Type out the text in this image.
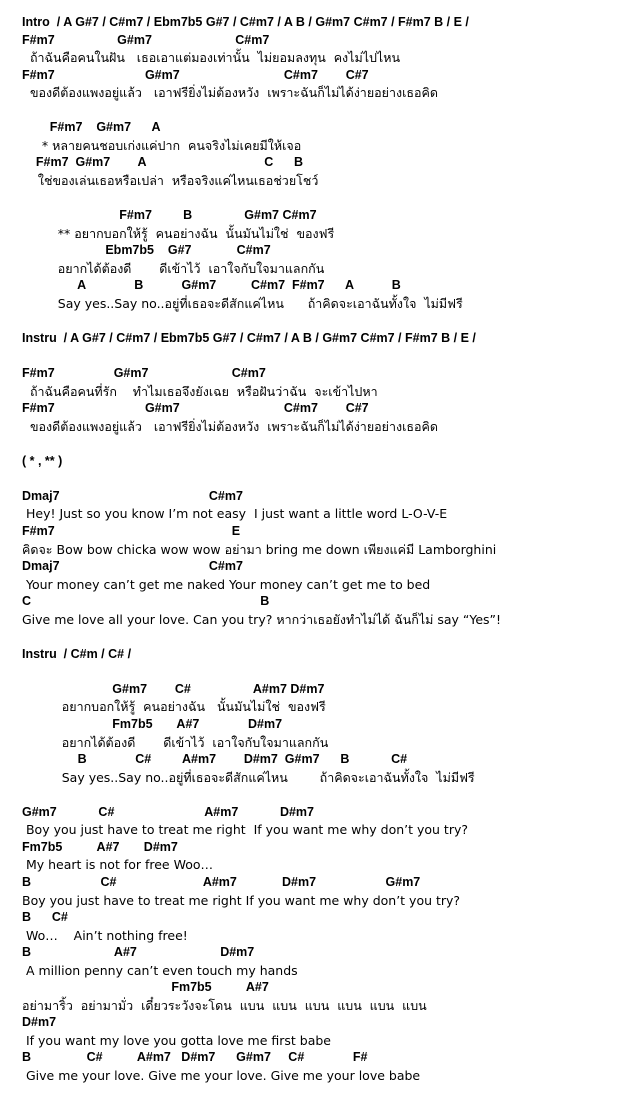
Intro  / A G#7 / C#m7 / Ebm7b5 G#7 / C#m7 / A B / G#m7 C#m7 / F#m7 B / E /
F#m7                  G#m7                        C#m7
ถ้าฉันคือคนในฝัน   เธอเอาแต่มองเท่านั้น  ไม่ยอมลงทุน  คงไม่ไปไหน
F#m7                          G#m7                              C#m7        C#7
ของดีต้องแพงอยู่แล้ว   เอาฟรียิ่งไม่ต้องหวัง  เพราะฉันก็ไม่ได้ง่ายอย่างเธอคิด
F#m7    G#m7      A
* หลายคนชอบเก่งแค่ปาก  คนจริงไม่เคยมีให้เจอ
F#m7  G#m7        A                                  C      B
ใช่ของเล่นเธอหรือเปล่า  หรือจริงแค่ไหนเธอช่วยโชว์
F#m7         B               G#m7 C#m7
** อยากบอกให้รู้  คนอย่างฉัน  นั้นมันไม่ใช่  ของฟรี
Ebm7b5    G#7             C#m7
อยากได้ต้องดี       ดีเข้าไว้  เอาใจกับใจมาแลกกัน
A              B           G#m7          C#m7  F#m7      A           B
Say yes..Say no..อยู่ที่เธอจะดีสักแค่ไหน      ถ้าคิดจะเอาฉันทั้งใจ  ไม่มีฟรี
Instru  / A G#7 / C#m7 / Ebm7b5 G#7 / C#m7 / A B / G#m7 C#m7 / F#m7 B / E /
F#m7                 G#m7                        C#m7
ถ้าฉันคือคนที่รัก    ทำไมเธอจึงยังเฉย  หรือฝันว่าฉัน  จะเข้าไปหา
F#m7                          G#m7                              C#m7        C#7
ของดีต้องแพงอยู่แล้ว   เอาฟรียิ่งไม่ต้องหวัง  เพราะฉันก็ไม่ได้ง่ายอย่างเธอคิด
( * , ** )
Dmaj7                                           C#m7
Hey! Just so you know I’m not easy  I just want a little word L-O-V-E
F#m7                                                   E
คิดจะ Bow bow chicka wow wow อย่ามา bring me down เพียงแค่มี Lamborghini
Dmaj7                                           C#m7
Your money can’t get me naked Your money can’t get me to bed
C                                                                  B
Give me love all your love. Can you try? หากว่าเธอยังทำไม่ได้ ฉันก็ไม่ say “Yes”!
Instru  / C#m / C# /
G#m7        C#                  A#m7 D#m7
อยากบอกให้รู้  คนอย่างฉัน   นั้นมันไม่ใช่  ของฟรี
Fm7b5       A#7              D#m7
อยากได้ต้องดี       ดีเข้าไว้  เอาใจกับใจมาแลกกัน
B              C#         A#m7        D#m7  G#m7      B            C#
Say yes..Say no..อยู่ที่เธอจะดีสักแค่ไหน        ถ้าคิดจะเอาฉันทั้งใจ  ไม่มีฟรี
G#m7            C#                          A#m7            D#m7
Boy you just have to treat me right  If you want me why don’t you try?
Fm7b5          A#7       D#m7
My heart is not for free Woo…
B                    C#                         A#m7             D#m7                    G#m7
Boy you just have to treat me right If you want me why don’t you try?
B      C#
Wo…    Ain’t nothing free!
B                        A#7                        D#m7
A million penny can’t even touch my hands
Fm7b5          A#7
อย่ามาริ้ว  อย่ามามั่ว  เดี๋ยวระวังจะโดน  แบน  แบน  แบน  แบน  แบน  แบน
D#m7
If you want my love you gotta love me first babe
B                C#          A#m7   D#m7      G#m7     C#              F#
Give me your love. Give me your love. Give me your love babe
